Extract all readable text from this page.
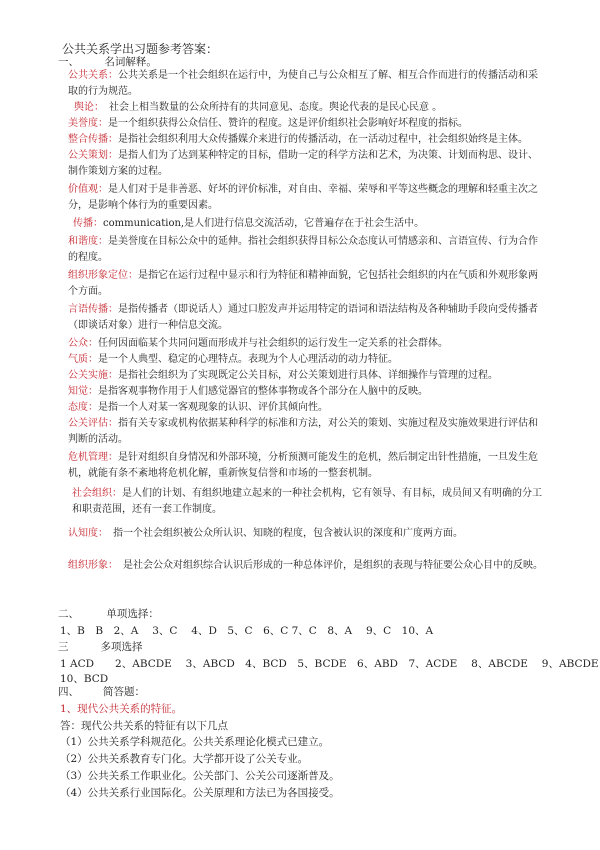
公共关系学出习题参考答案：
一、 名词解释。
公共关系：公共关系是一个社会组织在运行中，为使自己与公众相互了解、相互合作而进行的传播活动和采取的行为规范。
舆论：　 社会上相当数量的公众所持有的共同意见、态度。舆论代表的是民心民意 。
美誉度：是一个组织获得公众信任、赞许的程度。这是评价组织社会影响好坏程度的指标。
整合传播：是指社会组织利用大众传播媒介来进行的传播活动，在一活动过程中，社会组织始终是主体。
公关策划：是指人们为了达到某种特定的目标，借助一定的科学方法和艺术，为决策、计划而构思、设计、制作策划方案的过程。
价值观：是人们对于是非善恶、好坏的评价标准，对自由、幸福、荣辱和平等这些概念的理解和轻重主次之分，是影响个体行为的重要因素。
传播：communication,是人们进行信息交流活动，它普遍存在于社会生活中。
和谐度：是美誉度在目标公众中的延伸。指社会组织获得目标公众态度认可情感亲和、言语宣传、行为合作的程度。
组织形象定位：是指它在运行过程中显示和行为特征和精神面貌，它包括社会组织的内在气质和外观形象两个方面。
言语传播：是指传播者（即说话人）通过口腔发声并运用特定的语词和语法结构及各种辅助手段向受传播者（即谈话对象）进行一种信息交流。
公众：任何因面临某个共同问题而形成并与社会组织的运行发生一定关系的社会群体。
气质：是一个人典型、稳定的心理特点。表现为个人心理活动的动力特征。
公关实施：是指社会组织为了实现既定公关目标，对公关策划进行具体、详细操作与管理的过程。
知觉：是指客观事物作用于人们感觉器官的整体事物或各个部分在人脑中的反映。
态度：是指一个人对某一客观现象的认识、评价其倾向性。
公关评估：指有关专家或机构依据某种科学的标准和方法，对公关的策划、实施过程及实施效果进行评估和判断的活动。
危机管理：是针对组织自身情况和外部环境，分析预测可能发生的危机，然后制定出针性措施，一旦发生危机，就能有条不紊地将危机化解，重新恢复信誉和市场的一整套机制。
社会组织：是人们的计划、有组织地建立起来的一种社会机构，它有领导、有目标，成员间又有明确的分工和职责范围，还有一套工作制度。
认知度：　 指一个社会组织被公众所认识、知晓的程度，包含被认识的深度和广度两方面。
组织形象：　 是社会公众对组织综合认识后形成的一种总体评价，是组织的表现与特征要公众心目中的反映。
二、	单项选择：
1、B　B　2、A　 3、C　 4、D　5、C　6、C 7、C　8、A　 9、C　10、A
三	多项选择
1 ACD　　2、ABCDE　 3、ABCD　4、BCD　5、BCDE　6、ABD　7、ACDE　 8、ABCDE　 9、ABCDE
10、BCD
四、 简答题：
1、现代公共关系的特征。
答：现代公共关系的特征有以下几点
（1）公共关系学科规范化。公共关系理论化模式已建立。
（2）公共关系教育专门化。大学都开设了公关专业。
（3）公共关系工作职业化。公关部门、公关公司逐渐普及。
（4）公共关系行业国际化。公关原理和方法已为各国接受。
